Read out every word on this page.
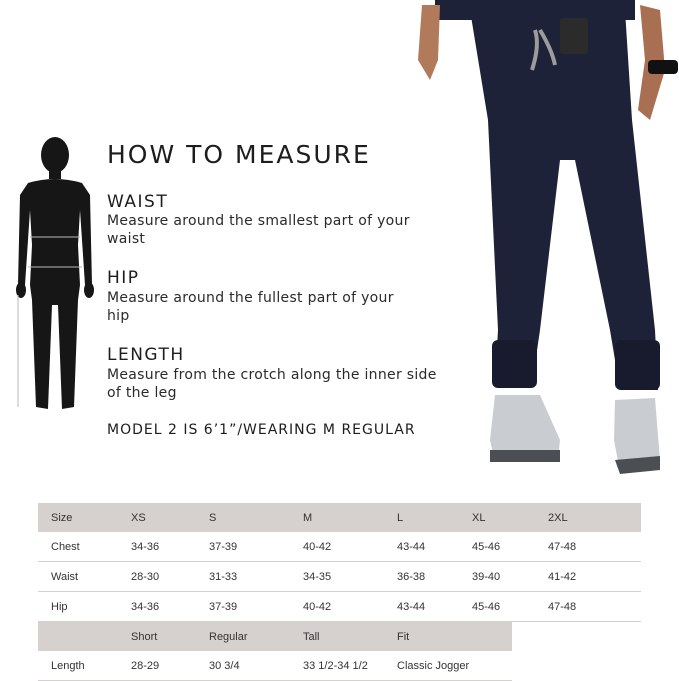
HOW TO MEASURE
WAIST
Measure around the smallest part of your waist
HIP
Measure around the fullest part of your hip
LENGTH
Measure from the crotch along the inner side of the leg
MODEL 2 IS 6’1”/WEARING M REGULAR
Size	XS	S	M	L	XL	2XL
Chest	34-36	37-39	40-42	43-44	45-46	47-48
Waist	28-30	31-33	34-35	36-38	39-40	41-42
Hip	34-36	37-39	40-42	43-44	45-46	47-48
	Short	Regular	Tall	Fit
Length	28-29	30 3/4	33 1/2-34 1/2	Classic Jogger
